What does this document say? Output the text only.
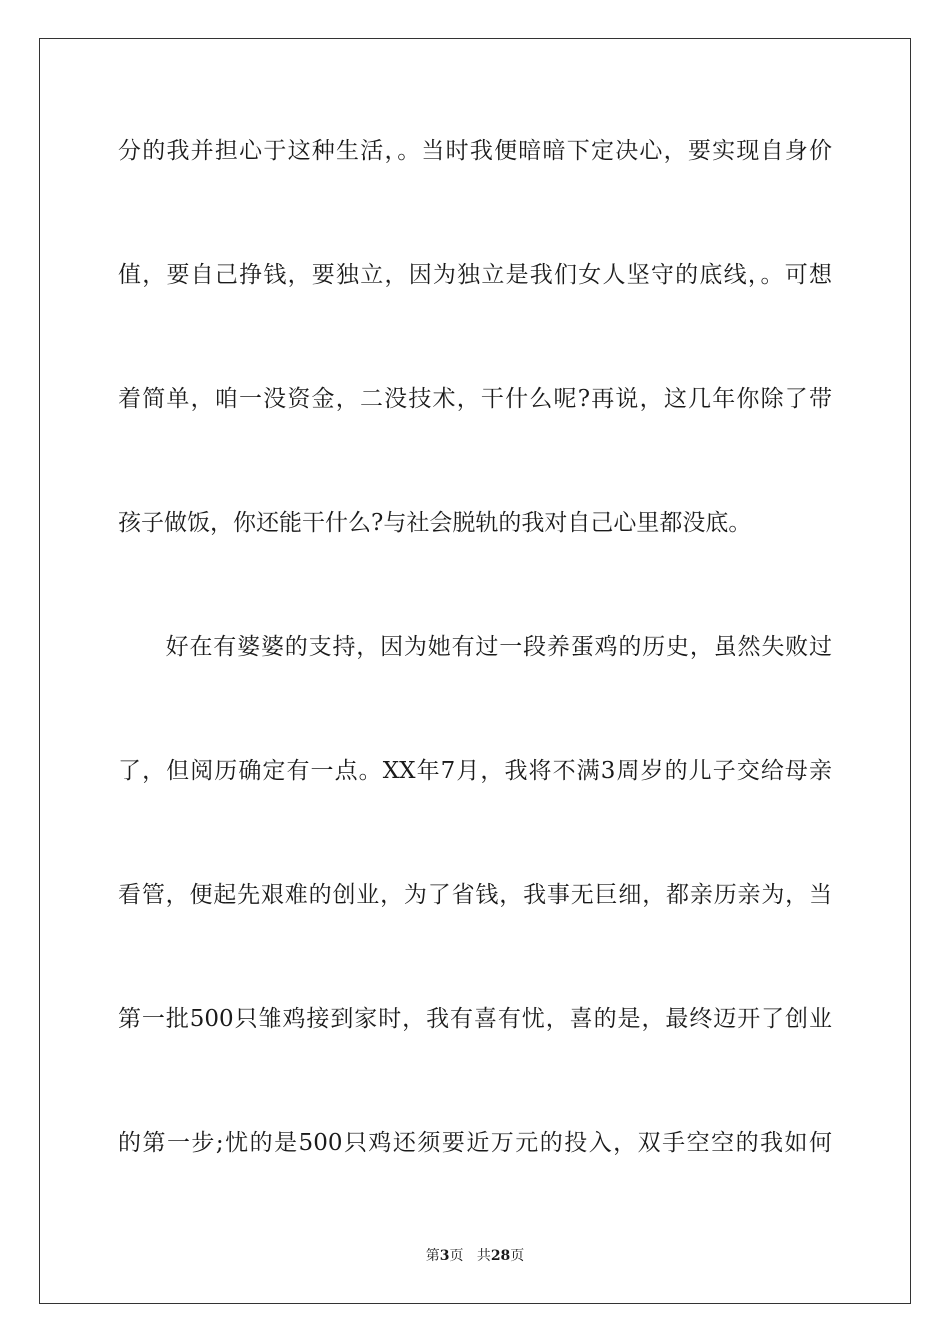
分的我并担心于这种生活，。当时我便暗暗下定决心，要实现自身价
值，要自己挣钱，要独立，因为独立是我们女人坚守的底线，。可想
着简单，咱一没资金，二没技术，干什么呢?再说，这几年你除了带
孩子做饭，你还能干什么?与社会脱轨的我对自己心里都没底。
　　好在有婆婆的支持，因为她有过一段养蛋鸡的历史，虽然失败过
了，但阅历确定有一点。XX年7月，我将不满3周岁的儿子交给母亲
看管，便起先艰难的创业，为了省钱，我事无巨细，都亲历亲为，当
第一批500只雏鸡接到家时，我有喜有忧，喜的是，最终迈开了创业
的第一步;忧的是500只鸡还须要近万元的投入，双手空空的我如何
第3页 共28页
